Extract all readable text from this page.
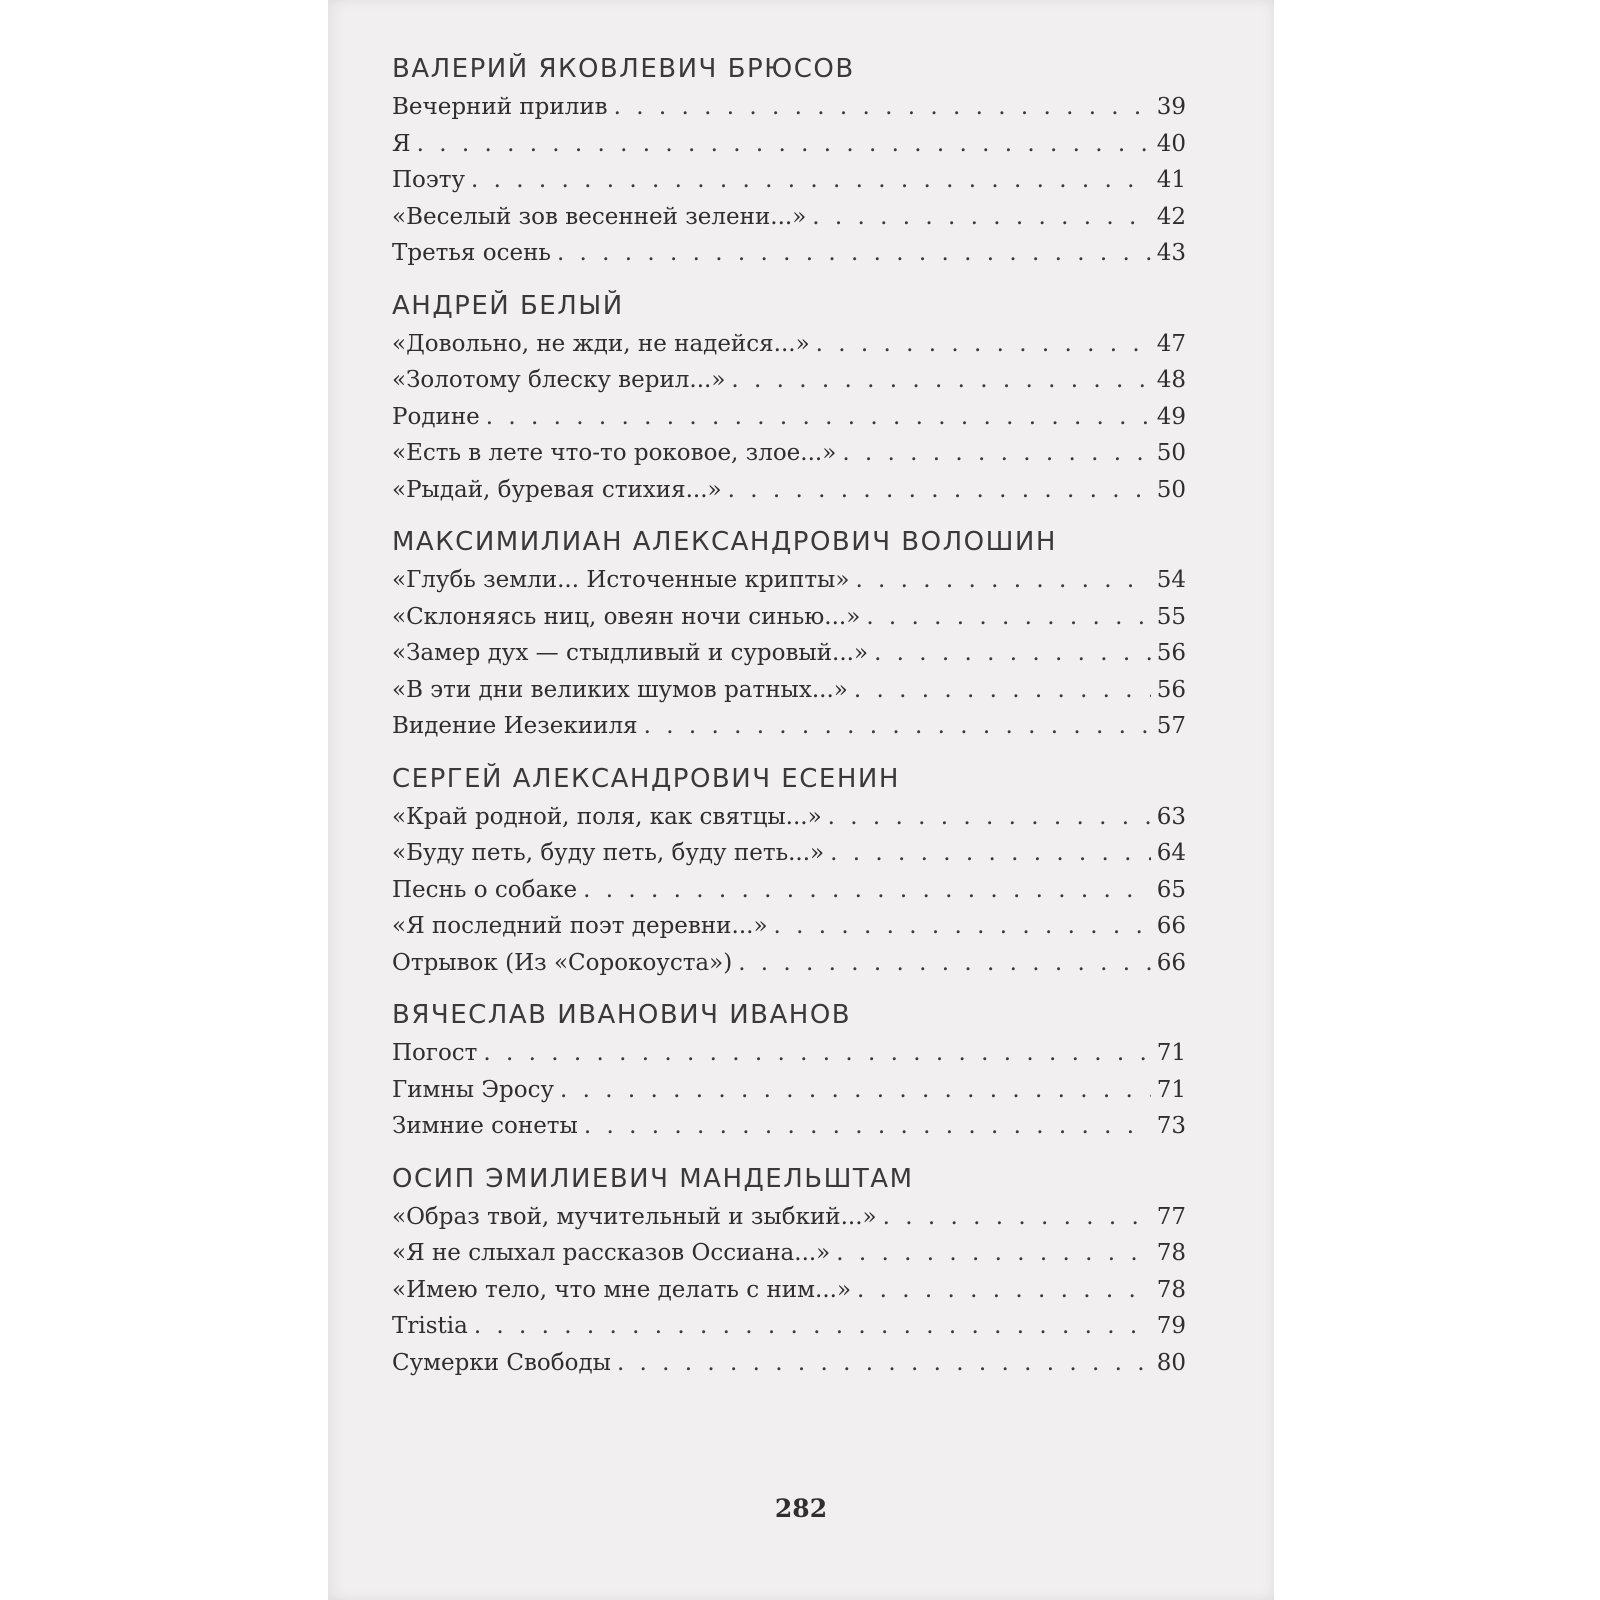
ВАЛЕРИЙ ЯКОВЛЕВИЧ БРЮСОВ
Вечерний прилив . . .	39
Я . . .	40
Поэту . . .	41
«Веселый зов весенней зелени...» . . .	42
Третья осень . . .	43
АНДРЕЙ БЕЛЫЙ
«Довольно, не жди, не надейся...» . . .	47
«Золотому блеску верил...» . . .	48
Родине . . .	49
«Есть в лете что-то роковое, злое...» . . .	50
«Рыдай, буревая стихия...» . . .	50
МАКСИМИЛИАН АЛЕКСАНДРОВИЧ ВОЛОШИН
«Глубь земли... Источенные крипты» . . .	54
«Склоняясь ниц, овеян ночи синью...» . . .	55
«Замер дух — стыдливый и суровый...» . . .	56
«В эти дни великих шумов ратных...» . . .	56
Видение Иезекииля . . .	57
СЕРГЕЙ АЛЕКСАНДРОВИЧ ЕСЕНИН
«Край родной, поля, как святцы...» . . .	63
«Буду петь, буду петь, буду петь...» . . .	64
Песнь о собаке . . .	65
«Я последний поэт деревни...» . . .	66
Отрывок (Из «Сорокоуста») . . .	66
ВЯЧЕСЛАВ ИВАНОВИЧ ИВАНОВ
Погост . . .	71
Гимны Эросу . . .	71
Зимние сонеты . . .	73
ОСИП ЭМИЛИЕВИЧ МАНДЕЛЬШТАМ
«Образ твой, мучительный и зыбкий...» . . .	77
«Я не слыхал рассказов Оссиана...» . . .	78
«Имею тело, что мне делать с ним...» . . .	78
Tristia . . .	79
Сумерки Свободы . . .	80
282
